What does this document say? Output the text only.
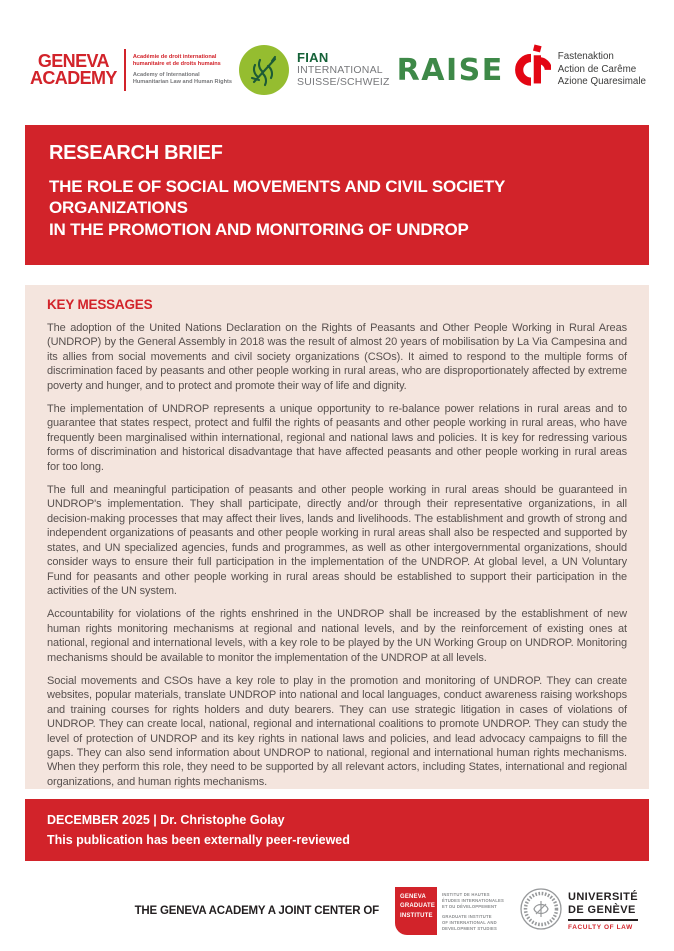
GENEVA
ACADEMY
Académie de droit international
humanitaire et de droits humains
Academy of International
Humanitarian Law and Human Rights
FIAN
INTERNATIONAL
SUISSE/SCHWEIZ RAISE	Fastenaktion
Action de Carême
Azione Quaresimale
RESEARCH BRIEF
THE ROLE OF SOCIAL MOVEMENTS AND CIVIL SOCIETY ORGANIZATIONS
IN THE PROMOTION AND MONITORING OF UNDROP
KEY MESSAGES

The adoption of the United Nations Declaration on the Rights of Peasants and Other People Working in Rural Areas (UNDROP) by the General Assembly in 2018 was the result of almost 20 years of mobilisation by La Via Campesina and its allies from social movements and civil society organizations (CSOs). It aimed to respond to the multiple forms of discrimination faced by peasants and other people working in rural areas, who are disproportionately affected by extreme poverty and hunger, and to protect and promote their way of life and dignity.

The implementation of UNDROP represents a unique opportunity to re-balance power relations in rural areas and to guarantee that states respect, protect and fulfil the rights of peasants and other people working in rural areas, who have frequently been marginalised within international, regional and national laws and policies. It is key for redressing various forms of discrimination and historical disadvantage that have affected peasants and other people working in rural areas for too long.

The full and meaningful participation of peasants and other people working in rural areas should be guaranteed in UNDROP's implementation. They shall participate, directly and/or through their representative organizations, in all decision-making processes that may affect their lives, lands and livelihoods. The establishment and growth of strong and independent organizations of peasants and other people working in rural areas shall also be respected and supported by states, and UN specialized agencies, funds and programmes, as well as other intergovernmental organizations, should consider ways to ensure their full participation in the implementation of the UNDROP. At global level, a UN Voluntary Fund for peasants and other people working in rural areas should be established to support their participation in the activities of the UN system.

Accountability for violations of the rights enshrined in the UNDROP shall be increased by the establishment of new human rights monitoring mechanisms at regional and national levels, and by the reinforcement of existing ones at national, regional and international levels, with a key role to be played by the UN Working Group on UNDROP. Monitoring mechanisms should be available to monitor the implementation of the UNDROP at all levels.

Social movements and CSOs have a key role to play in the promotion and monitoring of UNDROP. They can create websites, popular materials, translate UNDROP into national and local languages, conduct awareness raising workshops and training courses for rights holders and duty bearers. They can use strategic litigation in cases of violations of UNDROP. They can create local, national, regional and international coalitions to promote UNDROP. They can study the level of protection of UNDROP and its key rights in national laws and policies, and lead advocacy campaigns to fill the gaps. They can also send information about UNDROP to national, regional and international human rights mechanisms. When they perform this role, they need to be supported by all relevant actors, including States, international and regional organizations, and human rights mechanisms.

DECEMBER 2025 | Dr. Christophe Golay
This publication has been externally peer-reviewed
THE GENEVA ACADEMY A JOINT CENTER OF
GENEVA
GRADUATE
INSTITUTE
INSTITUT DE HAUTES
ÉTUDES INTERNATIONALES
ET DU DÉVELOPPEMENT
GRADUATE INSTITUTE
OF INTERNATIONAL AND
DEVELOPMENT STUDIES
UNIVERSITÉ
DE GENÈVE
FACULTY OF LAW
